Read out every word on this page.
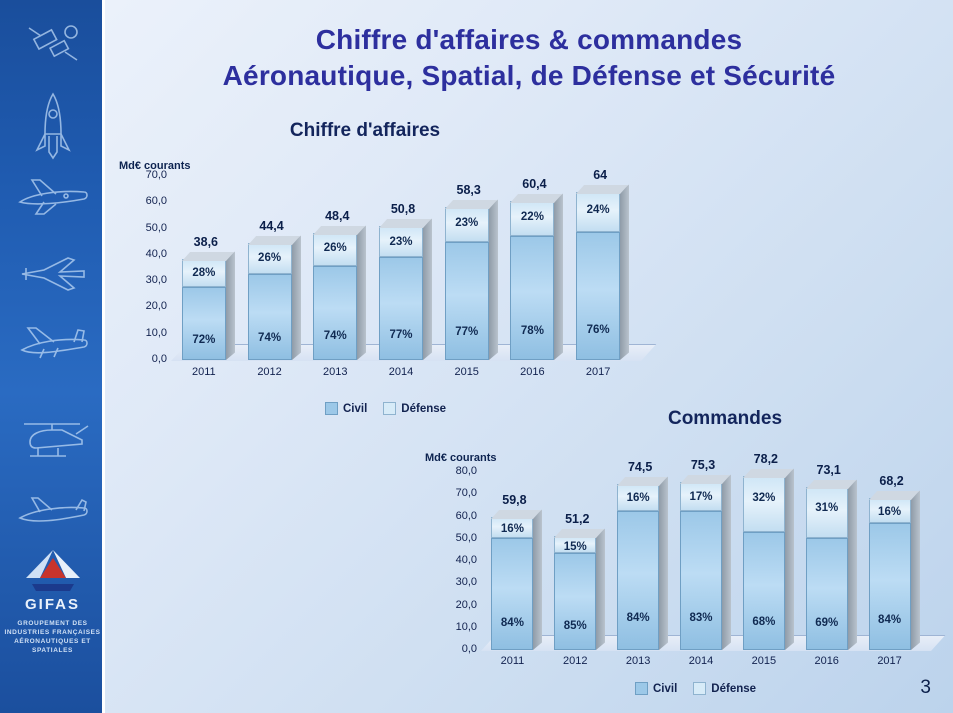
GIFAS
GROUPEMENT DES INDUSTRIES FRANÇAISES AÉRONAUTIQUES ET SPATIALES
Chiffre d'affaires & commandes
Aéronautique, Spatial, de Défense et Sécurité
Chiffre d'affaires
Md€ courants
70,0
60,0
50,0
40,0
30,0
20,0
10,0
0,0
72%
28%
38,6
74%
26%
44,4
74%
26%
48,4
77%
23%
50,8
77%
23%
58,3
78%
22%
60,4
76%
24%
64
2011	2012	2013	2014	2015	2016	2017
Civil	Défense	Commandes
Md€ courants
80,0
70,0
60,0
50,0
40,0
30,0
20,0
10,0
0,0
84%
16%
59,8
85%
15%
51,2
84%
16%
74,5
83%
17%
75,3
68%
32%
78,2
69%
31%
73,1
84%
16%
68,2
2011	2012	2013	2014	2015	2016	2017
Civil	Défense	3
